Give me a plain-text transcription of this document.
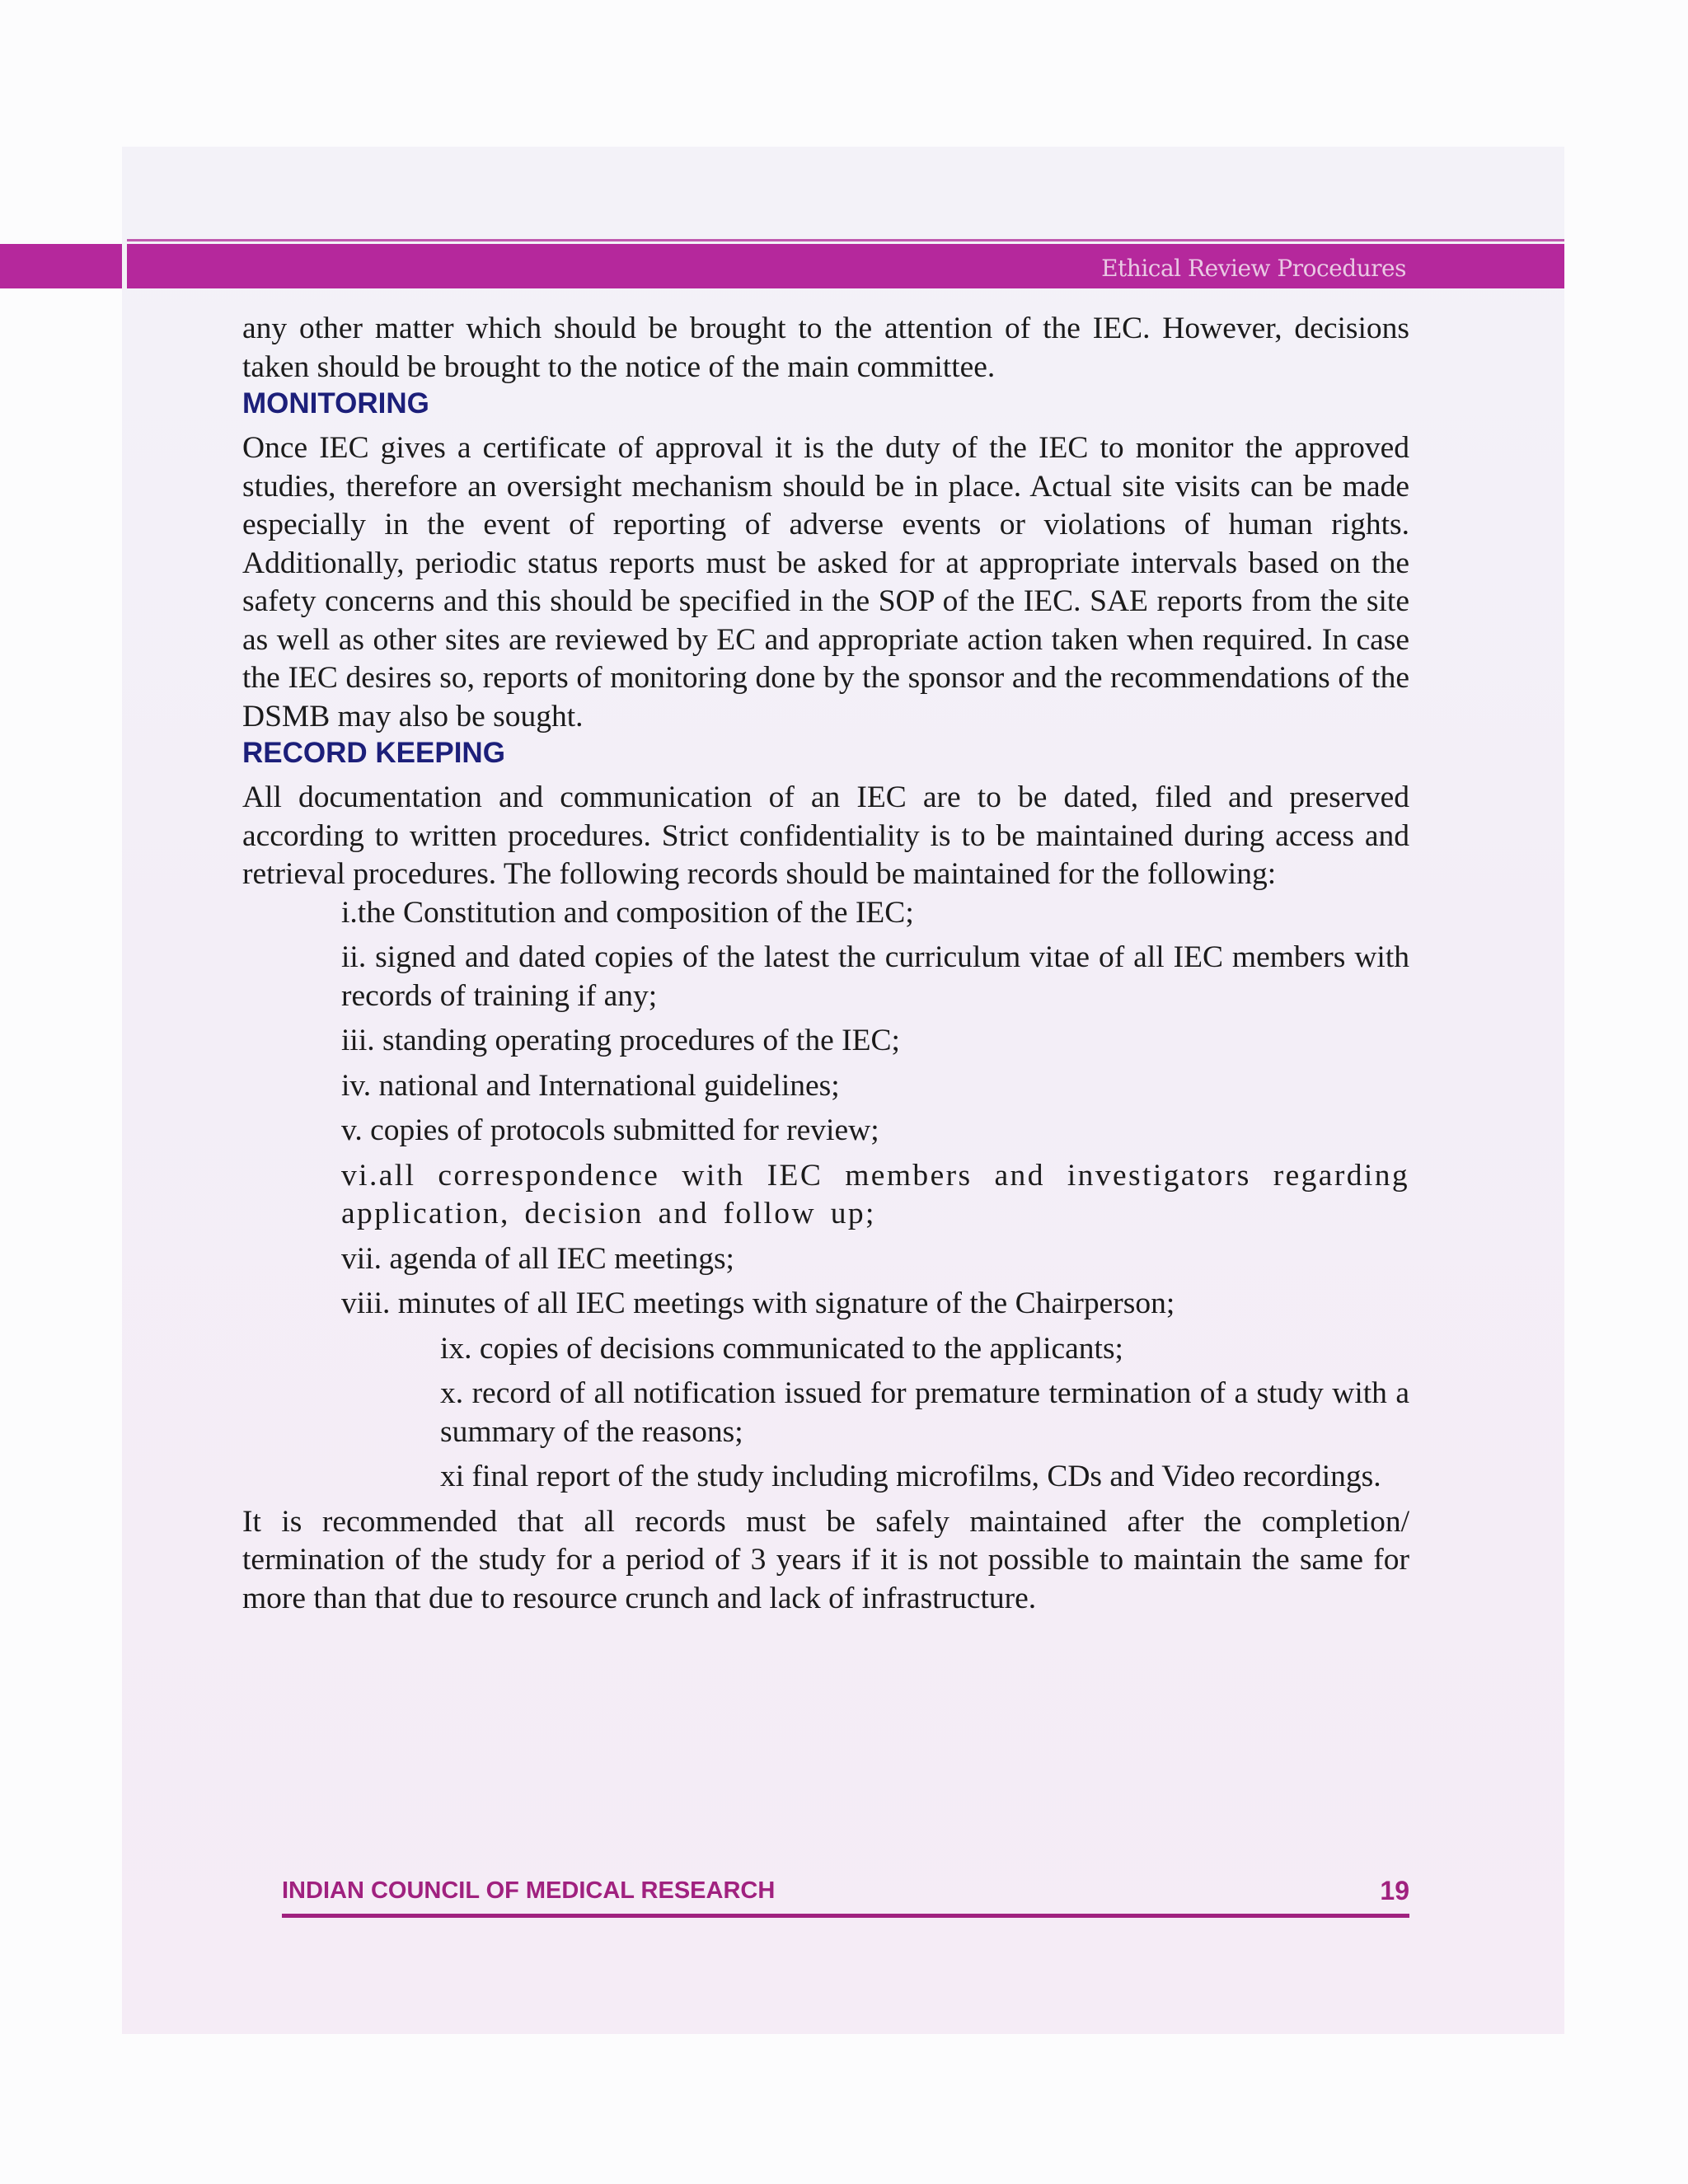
Ethical Review Procedures

any other matter which should be brought to the attention of the IEC. However, decisions taken should be brought to the notice of the main committee.

MONITORING

Once IEC gives a certificate of approval it is the duty of the IEC to monitor the approved studies, therefore an oversight mechanism should be in place. Actual site visits can be made especially in the event of reporting of adverse events or violations of human rights. Additionally, periodic status reports must be asked for at appropriate intervals based on the safety concerns and this should be specified in the SOP of the IEC. SAE reports from the site as well as other sites are reviewed by EC and appropriate action taken when required. In case the IEC desires so, reports of monitoring done by the sponsor and the recommendations of the DSMB may also be sought.

RECORD KEEPING

All documentation and communication of an IEC are to be dated, filed and preserved according to written procedures. Strict confidentiality is to be maintained during access and retrieval procedures. The following records should be maintained for the following:

i.the Constitution and composition of the IEC;
ii. signed and dated copies of the latest the curriculum vitae of all IEC members with records of training if any;
iii. standing operating procedures of the IEC;
iv. national and International guidelines;
v. copies of protocols submitted for review;
vi.all correspondence with IEC members and investigators regarding application, decision and follow up;
vii. agenda of all IEC meetings;
viii. minutes of all IEC meetings with signature of the Chairperson;
ix. copies of decisions communicated to the applicants;
x. record of all notification issued for premature termination of a study with a summary of the reasons;
xi final report of the study including microfilms, CDs and Video recordings.

It is recommended that all records must be safely maintained after the completion/ termination of the study for a period of 3 years if it is not possible to maintain the same for more than that due to resource crunch and lack of infrastructure.

INDIAN COUNCIL OF MEDICAL RESEARCH	19
